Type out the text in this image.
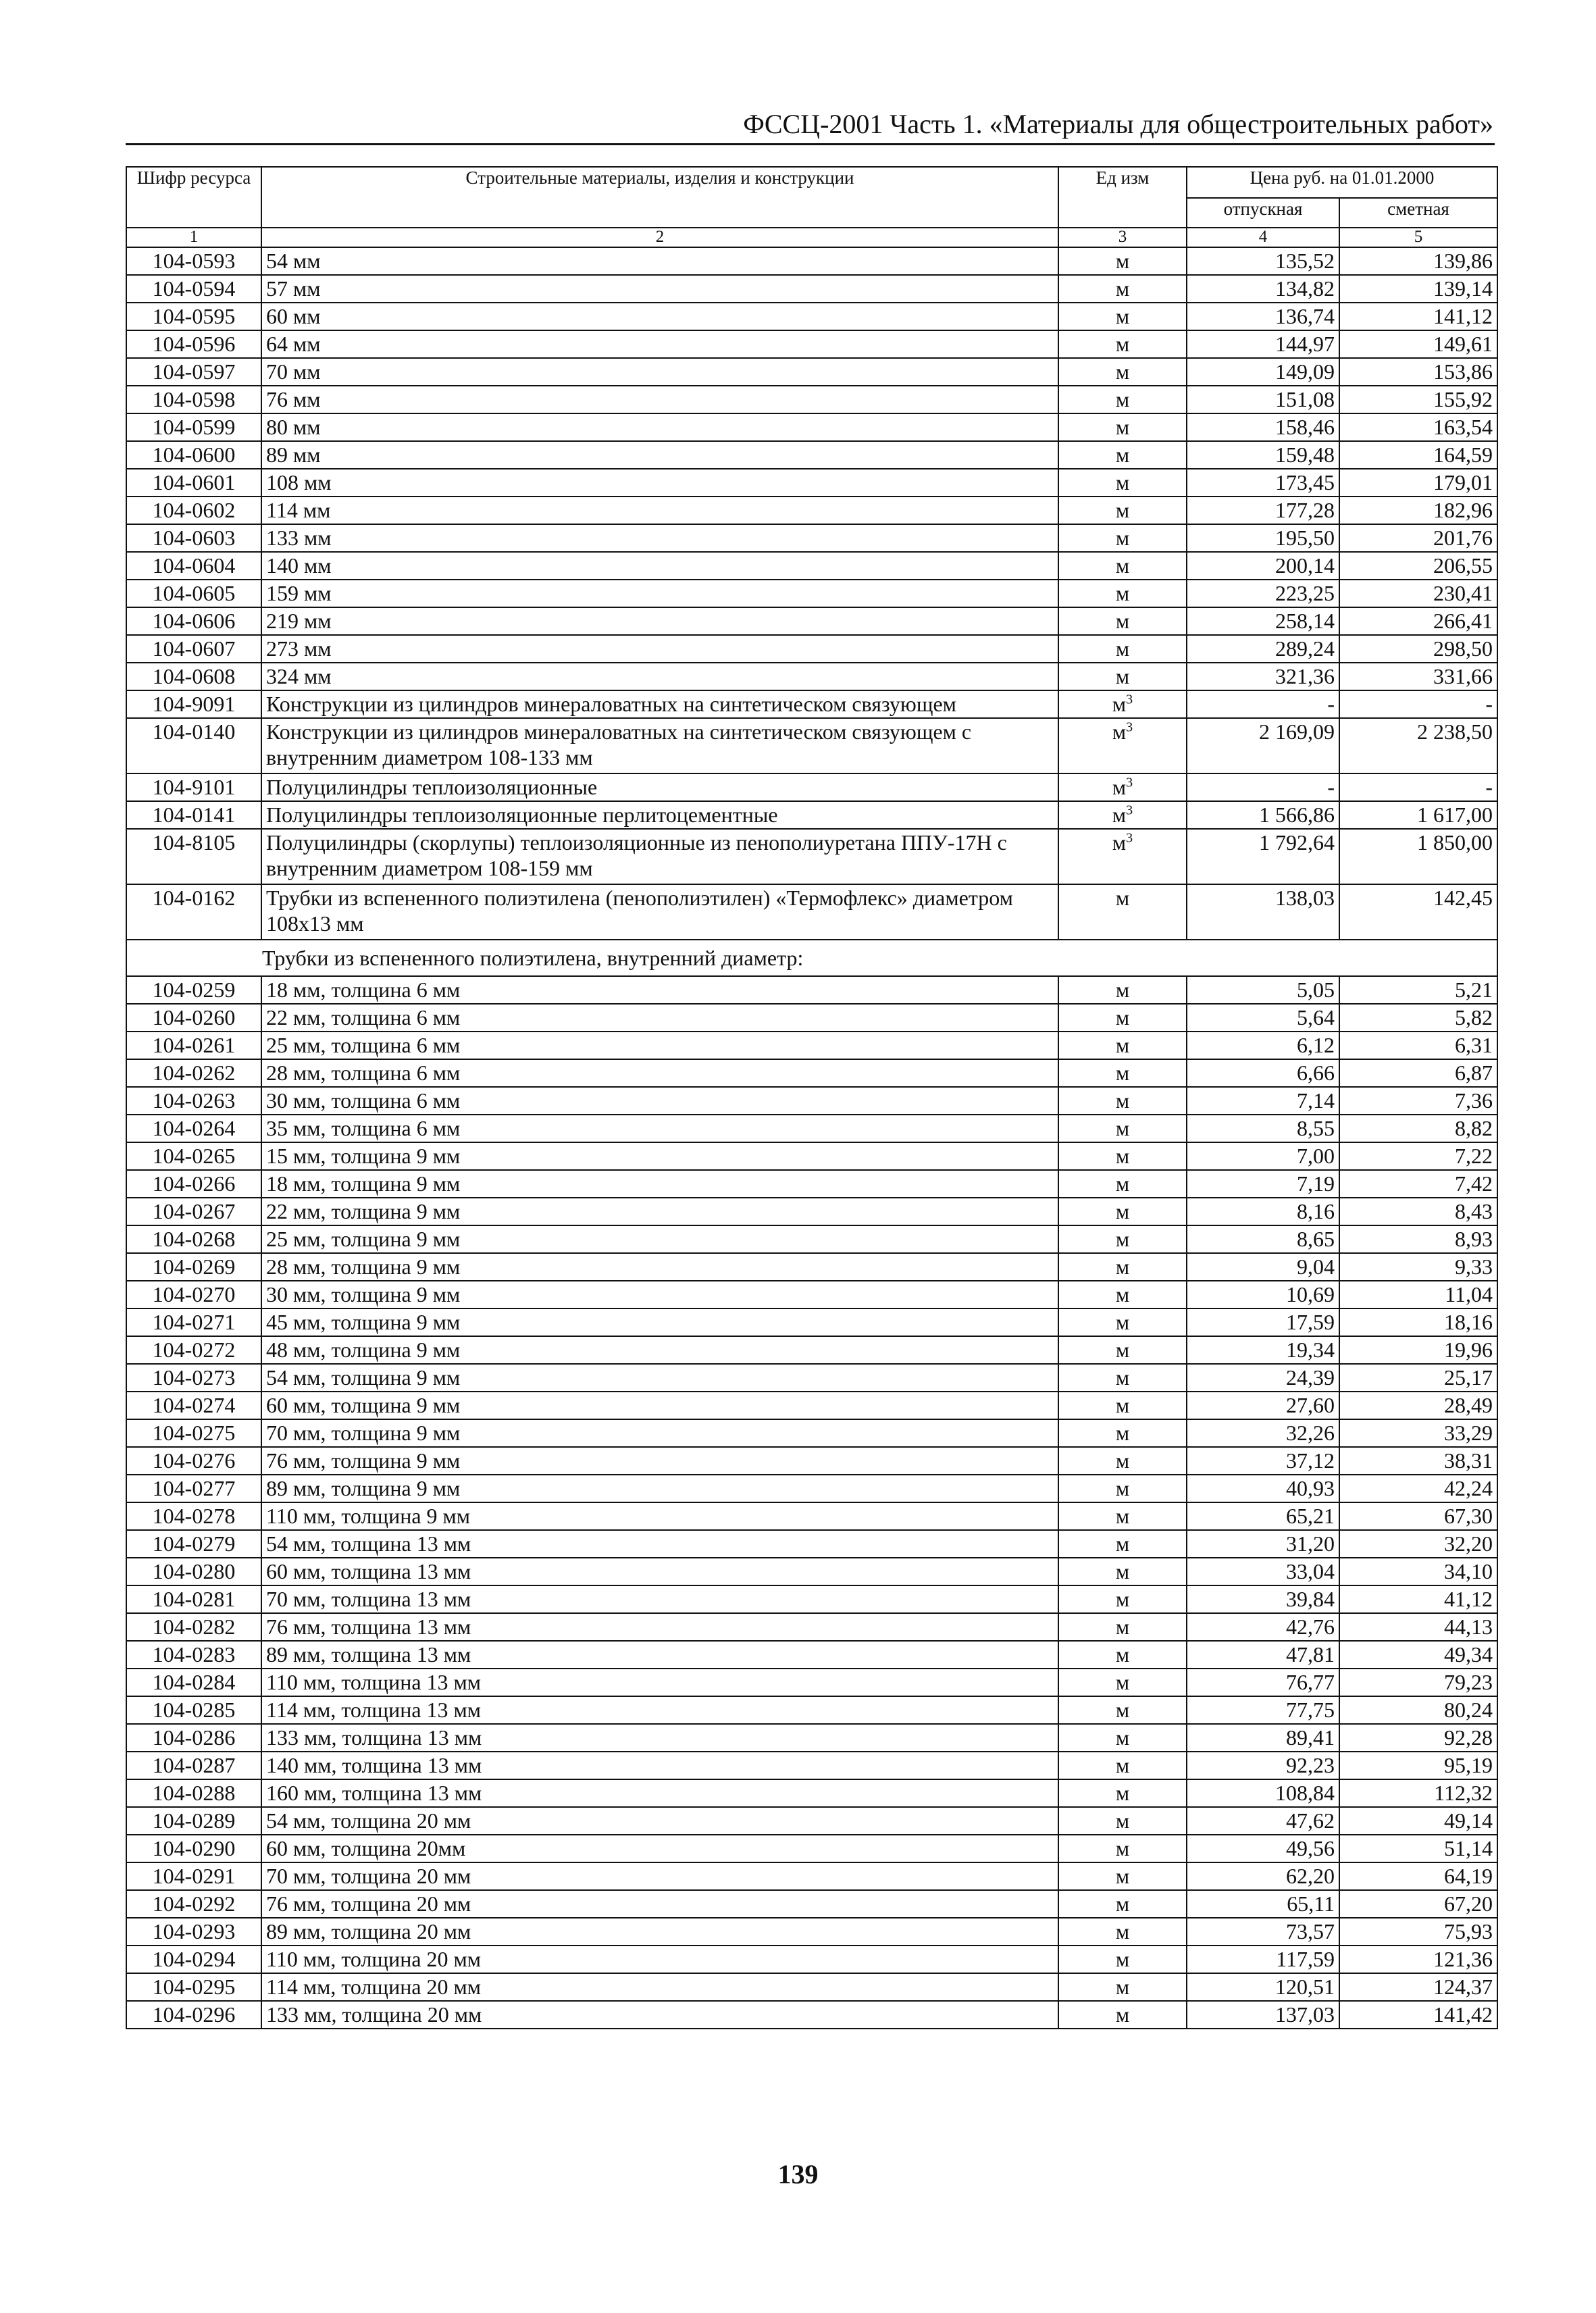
ФССЦ-2001 Часть 1. «Материалы для общестроительных работ»
Шифр ресурса	Строительные материалы, изделия и конструкции	Ед изм	Цена руб. на 01.01.2000	
			отпускная	сметная
1	2	3	4	5
104-0593	54 мм	м	135,52	139,86
104-0594	57 мм	м	134,82	139,14
104-0595	60 мм	м	136,74	141,12
104-0596	64 мм	м	144,97	149,61
104-0597	70 мм	м	149,09	153,86
104-0598	76 мм	м	151,08	155,92
104-0599	80 мм	м	158,46	163,54
104-0600	89 мм	м	159,48	164,59
104-0601	108 мм	м	173,45	179,01
104-0602	114 мм	м	177,28	182,96
104-0603	133 мм	м	195,50	201,76
104-0604	140 мм	м	200,14	206,55
104-0605	159 мм	м	223,25	230,41
104-0606	219 мм	м	258,14	266,41
104-0607	273 мм	м	289,24	298,50
104-0608	324 мм	м	321,36	331,66
104-9091	Конструкции из цилиндров минераловатных на синтетическом связующем	$м^3$	-	-
104-0140	Конструкции из цилиндров минераловатных на синтетическом связующем с внутренним диаметром 108-133 мм	$м^3$	2 169,09	2 238,50
104-9101	Полуцилиндры теплоизоляционные	$м^3$	-	-
104-0141	Полуцилиндры теплоизоляционные перлитоцементные	$м^3$	1 566,86	1 617,00
104-8105	Полуцилиндры (скорлупы) теплоизоляционные из пенополиуретана ППУ-17Н с внутренним диаметром 108-159 мм	$м^3$	1 792,64	1 850,00
104-0162	Трубки из вспененного полиэтилена (пенополиэтилен) «Термофлекс» диаметром 108х13 мм	м	138,03	142,45
Трубки из вспененного полиэтилена, внутренний диаметр:				
104-0259	18 мм, толщина 6 мм	м	5,05	5,21
104-0260	22 мм, толщина 6 мм	м	5,64	5,82
104-0261	25 мм, толщина 6 мм	м	6,12	6,31
104-0262	28 мм, толщина 6 мм	м	6,66	6,87
104-0263	30 мм, толщина 6 мм	м	7,14	7,36
104-0264	35 мм, толщина 6 мм	м	8,55	8,82
104-0265	15 мм, толщина 9 мм	м	7,00	7,22
104-0266	18 мм, толщина 9 мм	м	7,19	7,42
104-0267	22 мм, толщина 9 мм	м	8,16	8,43
104-0268	25 мм, толщина 9 мм	м	8,65	8,93
104-0269	28 мм, толщина 9 мм	м	9,04	9,33
104-0270	30 мм, толщина 9 мм	м	10,69	11,04
104-0271	45 мм, толщина 9 мм	м	17,59	18,16
104-0272	48 мм, толщина 9 мм	м	19,34	19,96
104-0273	54 мм, толщина 9 мм	м	24,39	25,17
104-0274	60 мм, толщина 9 мм	м	27,60	28,49
104-0275	70 мм, толщина 9 мм	м	32,26	33,29
104-0276	76 мм, толщина 9 мм	м	37,12	38,31
104-0277	89 мм, толщина 9 мм	м	40,93	42,24
104-0278	110 мм, толщина 9 мм	м	65,21	67,30
104-0279	54 мм, толщина 13 мм	м	31,20	32,20
104-0280	60 мм, толщина 13 мм	м	33,04	34,10
104-0281	70 мм, толщина 13 мм	м	39,84	41,12
104-0282	76 мм, толщина 13 мм	м	42,76	44,13
104-0283	89 мм, толщина 13 мм	м	47,81	49,34
104-0284	110 мм, толщина 13 мм	м	76,77	79,23
104-0285	114 мм, толщина 13 мм	м	77,75	80,24
104-0286	133 мм, толщина 13 мм	м	89,41	92,28
104-0287	140 мм, толщина 13 мм	м	92,23	95,19
104-0288	160 мм, толщина 13 мм	м	108,84	112,32
104-0289	54 мм, толщина 20 мм	м	47,62	49,14
104-0290	60 мм, толщина 20мм	м	49,56	51,14
104-0291	70 мм, толщина 20 мм	м	62,20	64,19
104-0292	76 мм, толщина 20 мм	м	65,11	67,20
104-0293	89 мм, толщина 20 мм	м	73,57	75,93
104-0294	110 мм, толщина 20 мм	м	117,59	121,36
104-0295	114 мм, толщина 20 мм	м	120,51	124,37
104-0296	133 мм, толщина 20 мм	м	137,03	141,42
139
